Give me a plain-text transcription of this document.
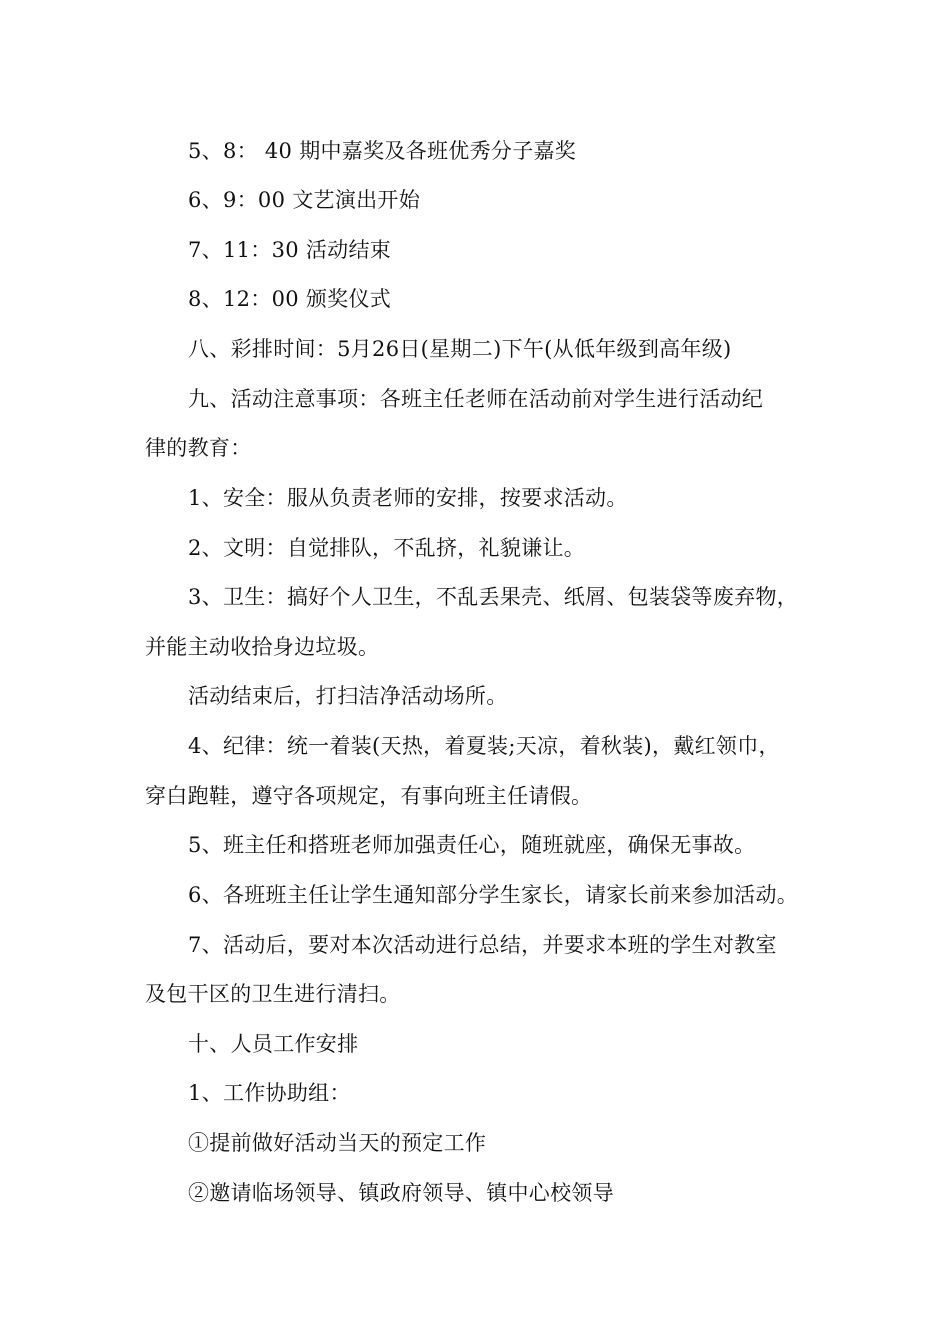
5、8： 40 期中嘉奖及各班优秀分子嘉奖
6、9：00 文艺演出开始
7、11：30 活动结束
8、12：00 颁奖仪式
八、彩排时间：5月26日(星期二)下午(从低年级到高年级)
九、活动注意事项：各班主任老师在活动前对学生进行活动纪
律的教育：
1、安全：服从负责老师的安排，按要求活动。
2、文明：自觉排队，不乱挤，礼貌谦让。
3、卫生：搞好个人卫生，不乱丢果壳、纸屑、包装袋等废弃物，
并能主动收拾身边垃圾。
活动结束后，打扫洁净活动场所。
4、纪律：统一着装(天热，着夏装;天凉，着秋装)，戴红领巾，
穿白跑鞋，遵守各项规定，有事向班主任请假。
5、班主任和搭班老师加强责任心，随班就座，确保无事故。
6、各班班主任让学生通知部分学生家长，请家长前来参加活动。
7、活动后，要对本次活动进行总结，并要求本班的学生对教室
及包干区的卫生进行清扫。
十、人员工作安排
1、工作协助组：
①提前做好活动当天的预定工作
②邀请临场领导、镇政府领导、镇中心校领导
